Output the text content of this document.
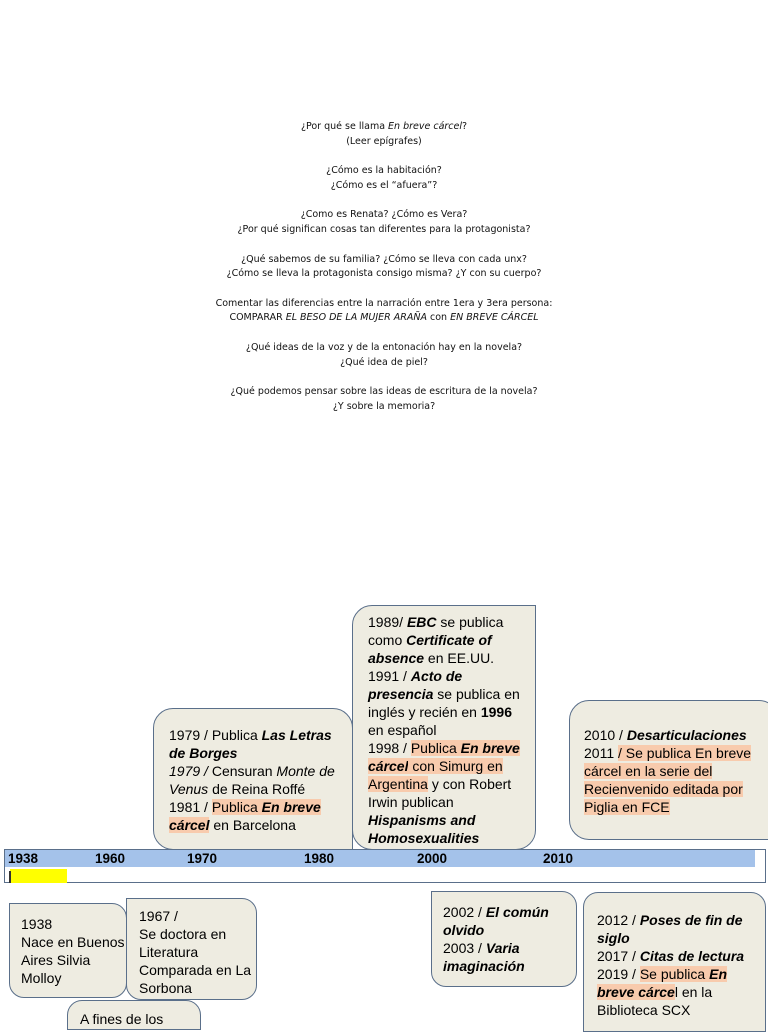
¿Por qué se llama En breve cárcel?
(Leer epígrafes)
¿Cómo es la habitación?
¿Cómo es el “afuera”?
¿Como es Renata? ¿Cómo es Vera?
¿Por qué significan cosas tan diferentes para la protagonista?
¿Qué sabemos de su familia? ¿Cómo se lleva con cada unx?
¿Cómo se lleva la protagonista consigo misma? ¿Y con su cuerpo?
Comentar las diferencias entre la narración entre 1era y 3era persona:
COMPARAR EL BESO DE LA MUJER ARAÑA con EN BREVE CÁRCEL
¿Qué ideas de la voz y de la entonación hay en la novela?
¿Qué idea de piel?
¿Qué podemos pensar sobre las ideas de escritura de la novela?
¿Y sobre la memoria?
1979 / Publica Las Letras de Borges
1979 / Censuran Monte de Venus de Reina Roffé
1981 / Publica En breve cárcel en Barcelona
1989/ EBC se publica como Certificate of absence en EE.UU.
1991 / Acto de presencia se publica en inglés y recién en 1996 en español
1998 / Publica En breve cárcel con Simurg en Argentina y con Robert Irwin publican Hispanisms and Homosexualities
2010 / Desarticulaciones
2011 / Se publica En breve cárcel en la serie del Recienvenido editada por Piglia en FCE
1938	1960	1970	1980	2000	2010
1938
Nace en Buenos Aires Silvia Molloy
1967 /
Se doctora en Literatura Comparada en La Sorbona
A fines de los
2002 / El común olvido
2003 / Varia imaginación
2012 / Poses de fin de siglo
2017 / Citas de lectura
2019 / Se publica En breve cárcel en la
Biblioteca SCX
